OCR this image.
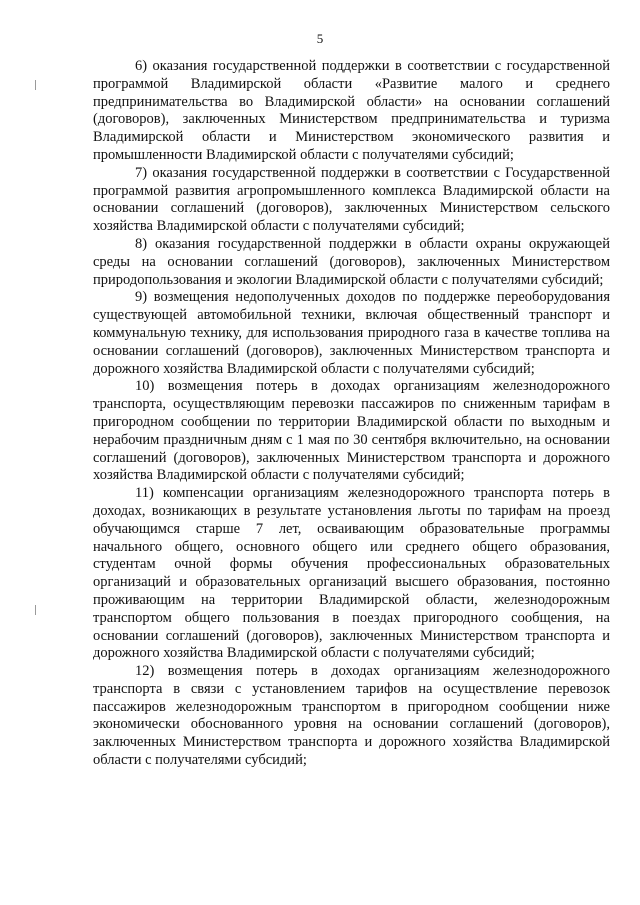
5

6) оказания государственной поддержки в соответствии с государственной программой Владимирской области «Развитие малого и среднего предпринимательства во Владимирской области» на основании соглашений (договоров), заключенных Министерством предпринимательства и туризма Владимирской области и Министерством экономического развития и промышленности Владимирской области с получателями субсидий;

7) оказания государственной поддержки в соответствии с Государственной программой развития агропромышленного комплекса Владимирской области на основании соглашений (договоров), заключенных Министерством сельского хозяйства Владимирской области с получателями субсидий;

8) оказания государственной поддержки в области охраны окружающей среды на основании соглашений (договоров), заключенных Министерством природопользования и экологии Владимирской области с получателями субсидий;

9) возмещения недополученных доходов по поддержке переоборудования существующей автомобильной техники, включая общественный транспорт и коммунальную технику, для использования природного газа в качестве топлива на основании соглашений (договоров), заключенных Министерством транспорта и дорожного хозяйства Владимирской области с получателями субсидий;

10) возмещения потерь в доходах организациям железнодорожного транспорта, осуществляющим перевозки пассажиров по сниженным тарифам в пригородном сообщении по территории Владимирской области по выходным и нерабочим праздничным дням с 1 мая по 30 сентября включительно, на основании соглашений (договоров), заключенных Министерством транспорта и дорожного хозяйства Владимирской области с получателями субсидий;

11) компенсации организациям железнодорожного транспорта потерь в доходах, возникающих в результате установления льготы по тарифам на проезд обучающимся старше 7 лет, осваивающим образовательные программы начального общего, основного общего или среднего общего образования, студентам очной формы обучения профессиональных образовательных организаций и образовательных организаций высшего образования, постоянно проживающим на территории Владимирской области, железнодорожным транспортом общего пользования в поездах пригородного сообщения, на основании соглашений (договоров), заключенных Министерством транспорта и дорожного хозяйства Владимирской области с получателями субсидий;

12) возмещения потерь в доходах организациям железнодорожного транспорта в связи с установлением тарифов на осуществление перевозок пассажиров железнодорожным транспортом в пригородном сообщении ниже экономически обоснованного уровня на основании соглашений (договоров), заключенных Министерством транспорта и дорожного хозяйства Владимирской области с получателями субсидий;
